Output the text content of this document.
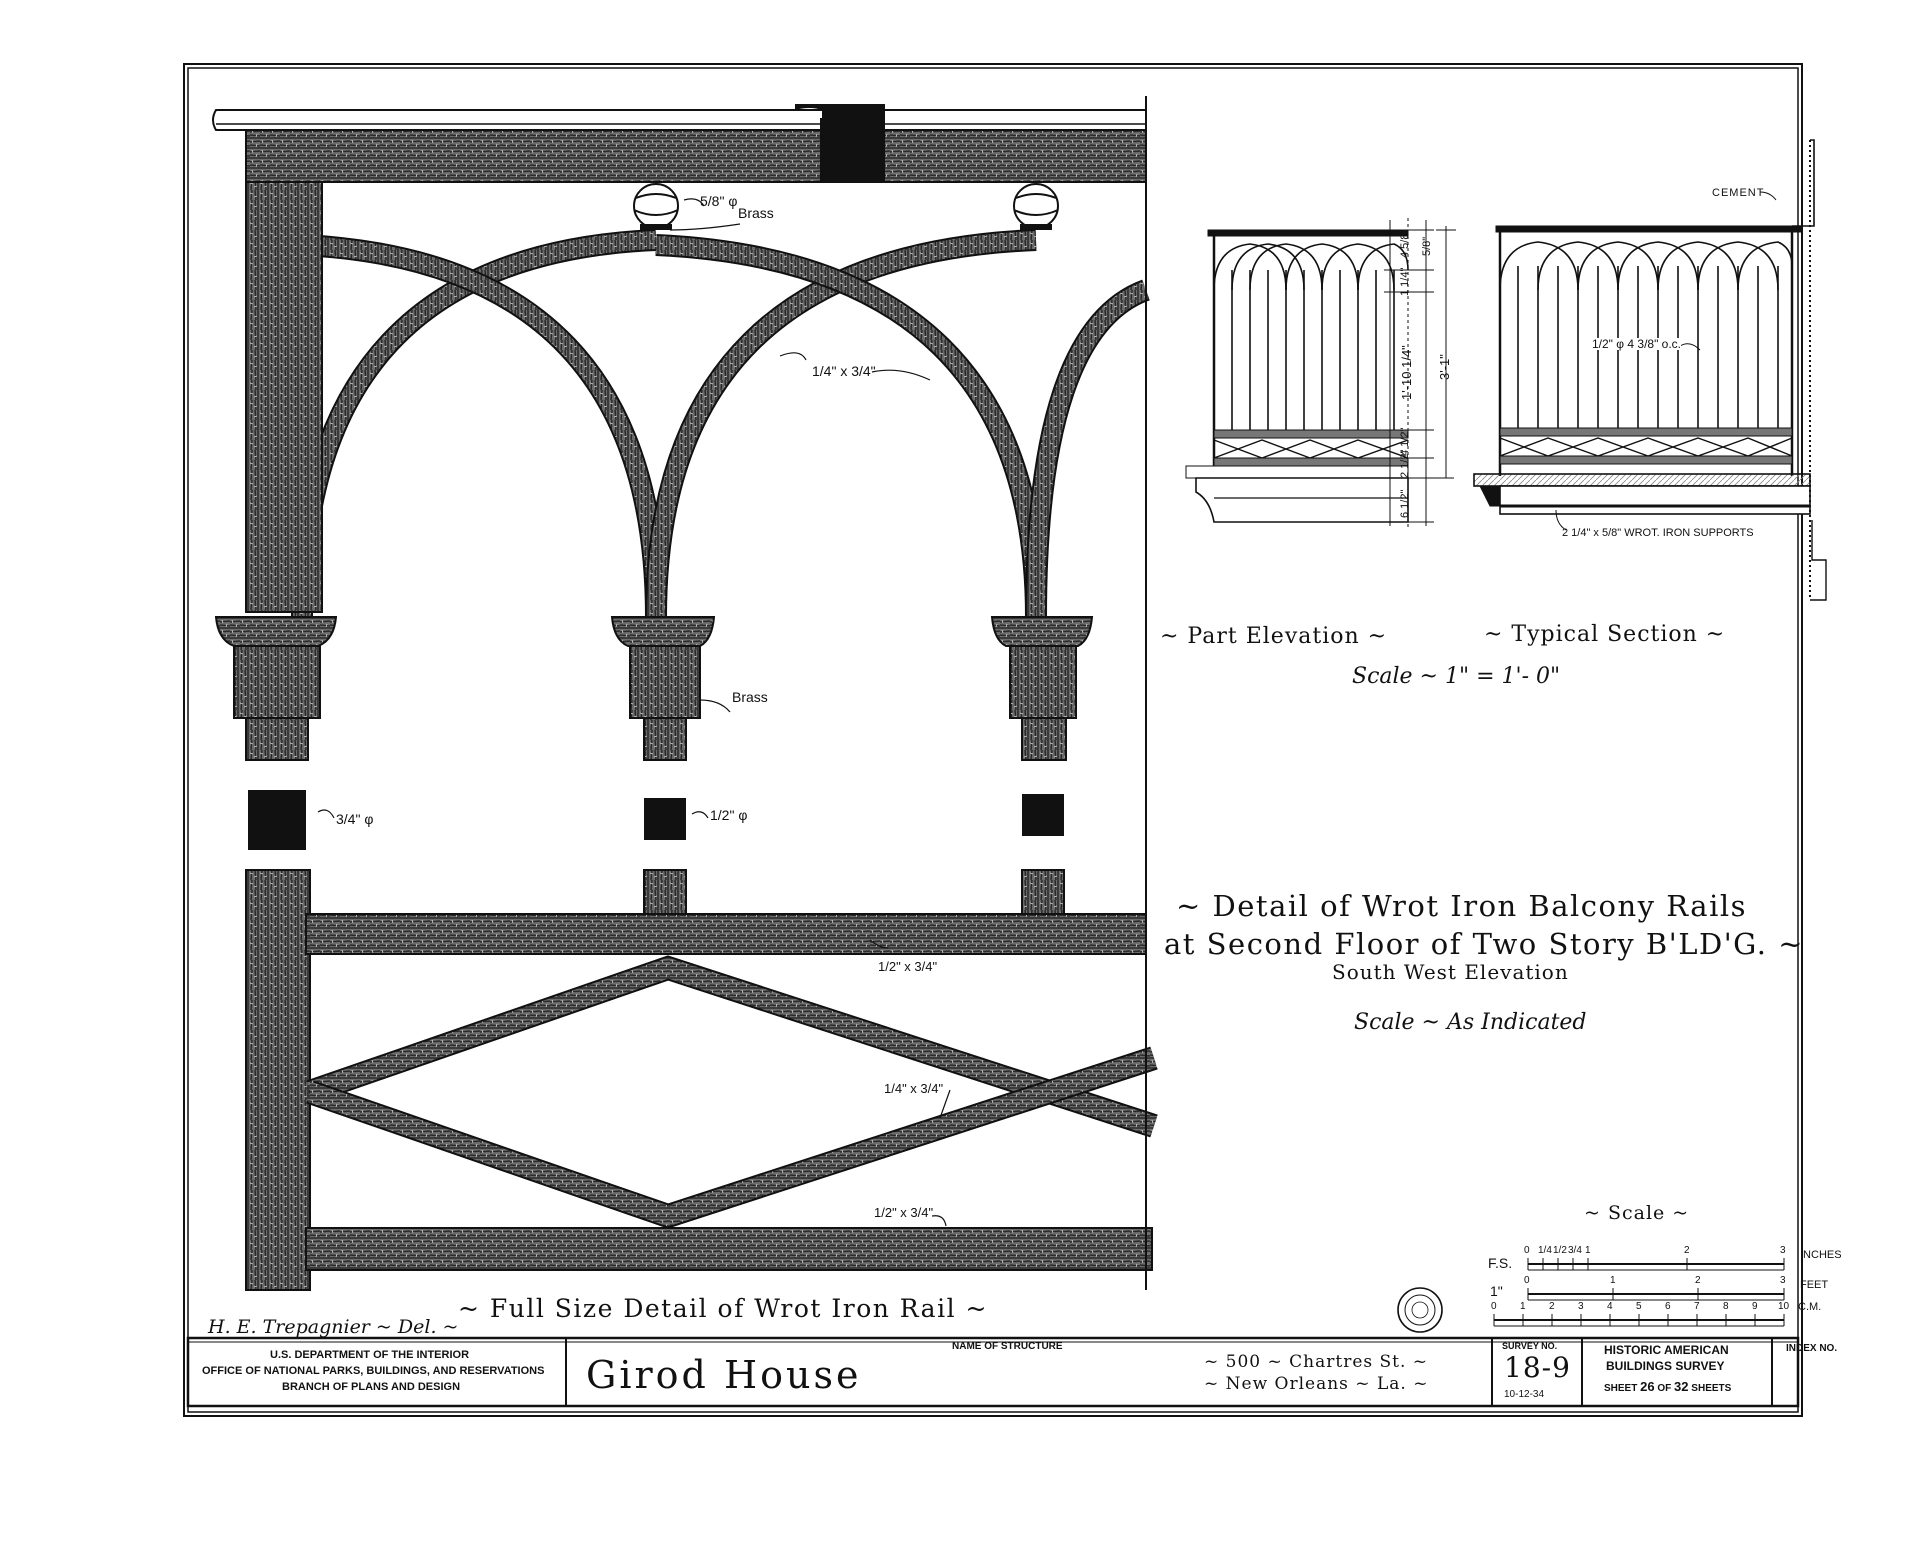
5/8" φ
Brass
1/4" x 3/4"
Brass
3/4" φ	1/2" φ
1/2" x 3/4"
1/4" x 3/4"
1/2" x 3/4"
~ Full Size Detail of Wrot Iron Rail ~
H. E. Trepagnier ~ Del. ~
4 5/8" 5/8"
1 1/4"
1'-10 1/4" 3'-1"
4 1/2"
2 1/2"
6 1/2"
CEMENT
1/2" φ 4 3/8" o.c.
2 1/4" x 5/8" WROT. IRON SUPPORTS
~ Part Elevation ~	~ Typical Section ~
Scale ~ 1" = 1'- 0"
~ Detail of Wrot Iron Balcony Rails
at Second Floor of Two Story B'LD'G. ~
South West Elevation
Scale ~ As Indicated
~ Scale ~
F.S.
0 1/4 1/2 3/4 1	2	3 INCHES
1"
0	1	2	3 FEET
0 1 2 3 4 5 6 7 8 9 10 C.M.
U.S. DEPARTMENT OF THE INTERIOR
OFFICE OF NATIONAL PARKS, BUILDINGS, AND RESERVATIONS
BRANCH OF PLANS AND DESIGN
NAME OF STRUCTURE
Girod House	~ 500 ~ Chartres St. ~
~ New Orleans ~ La. ~
SURVEY NO.
18-9
10-12-34
HISTORIC AMERICAN
BUILDINGS SURVEY
SHEET 26 OF 32 SHEETS
INDEX NO.
